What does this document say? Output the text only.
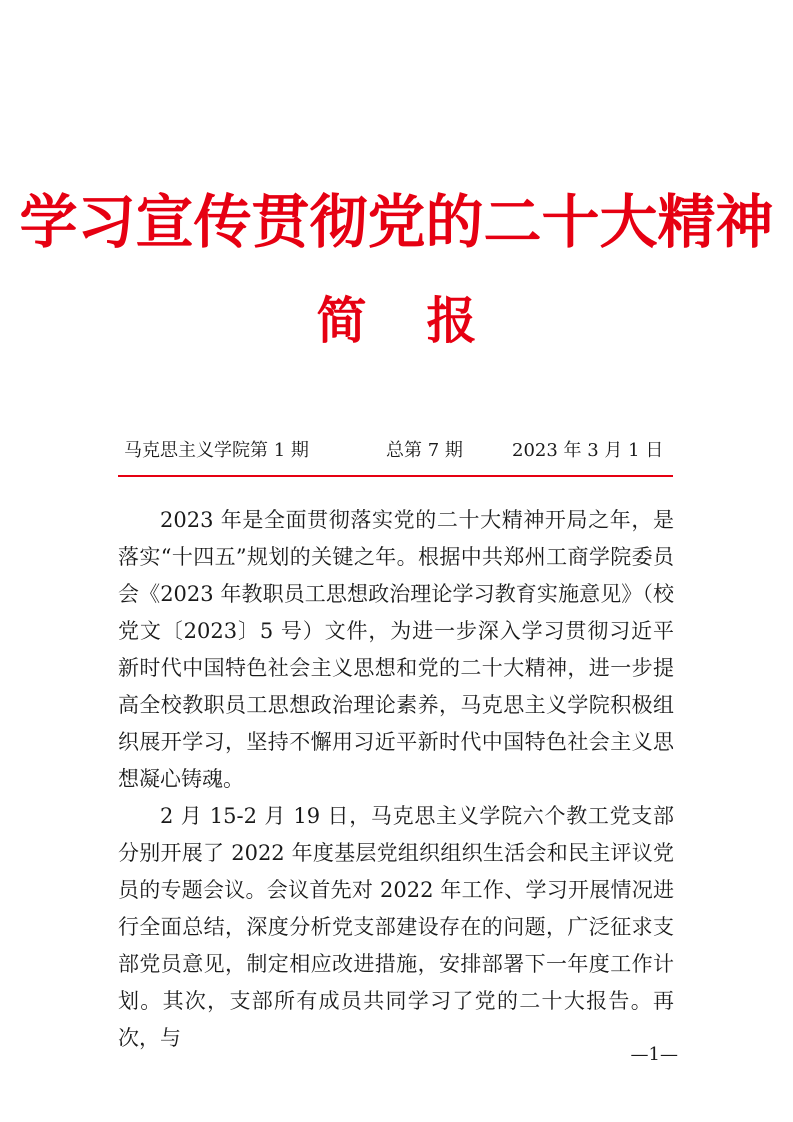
学习宣传贯彻党的二十大精神
简报
马克思主义学院第 1 期	总第 7 期	2023 年 3 月 1 日

2023 年是全面贯彻落实党的二十大精神开局之年，是落实“十四五”规划的关键之年。根据中共郑州工商学院委员会《2023 年教职员工思想政治理论学习教育实施意见》（校党文〔2023〕5 号）文件，为进一步深入学习贯彻习近平新时代中国特色社会主义思想和党的二十大精神，进一步提高全校教职员工思想政治理论素养，马克思主义学院积极组织展开学习，坚持不懈用习近平新时代中国特色社会主义思想凝心铸魂。

2 月 15-2 月 19 日，马克思主义学院六个教工党支部分别开展了 2022 年度基层党组织组织生活会和民主评议党员的专题会议。会议首先对 2022 年工作、学习开展情况进行全面总结，深度分析党支部建设存在的问题，广泛征求支部党员意见，制定相应改进措施，安排部署下一年度工作计划。其次，支部所有成员共同学习了党的二十大报告。再次，与

—1—
